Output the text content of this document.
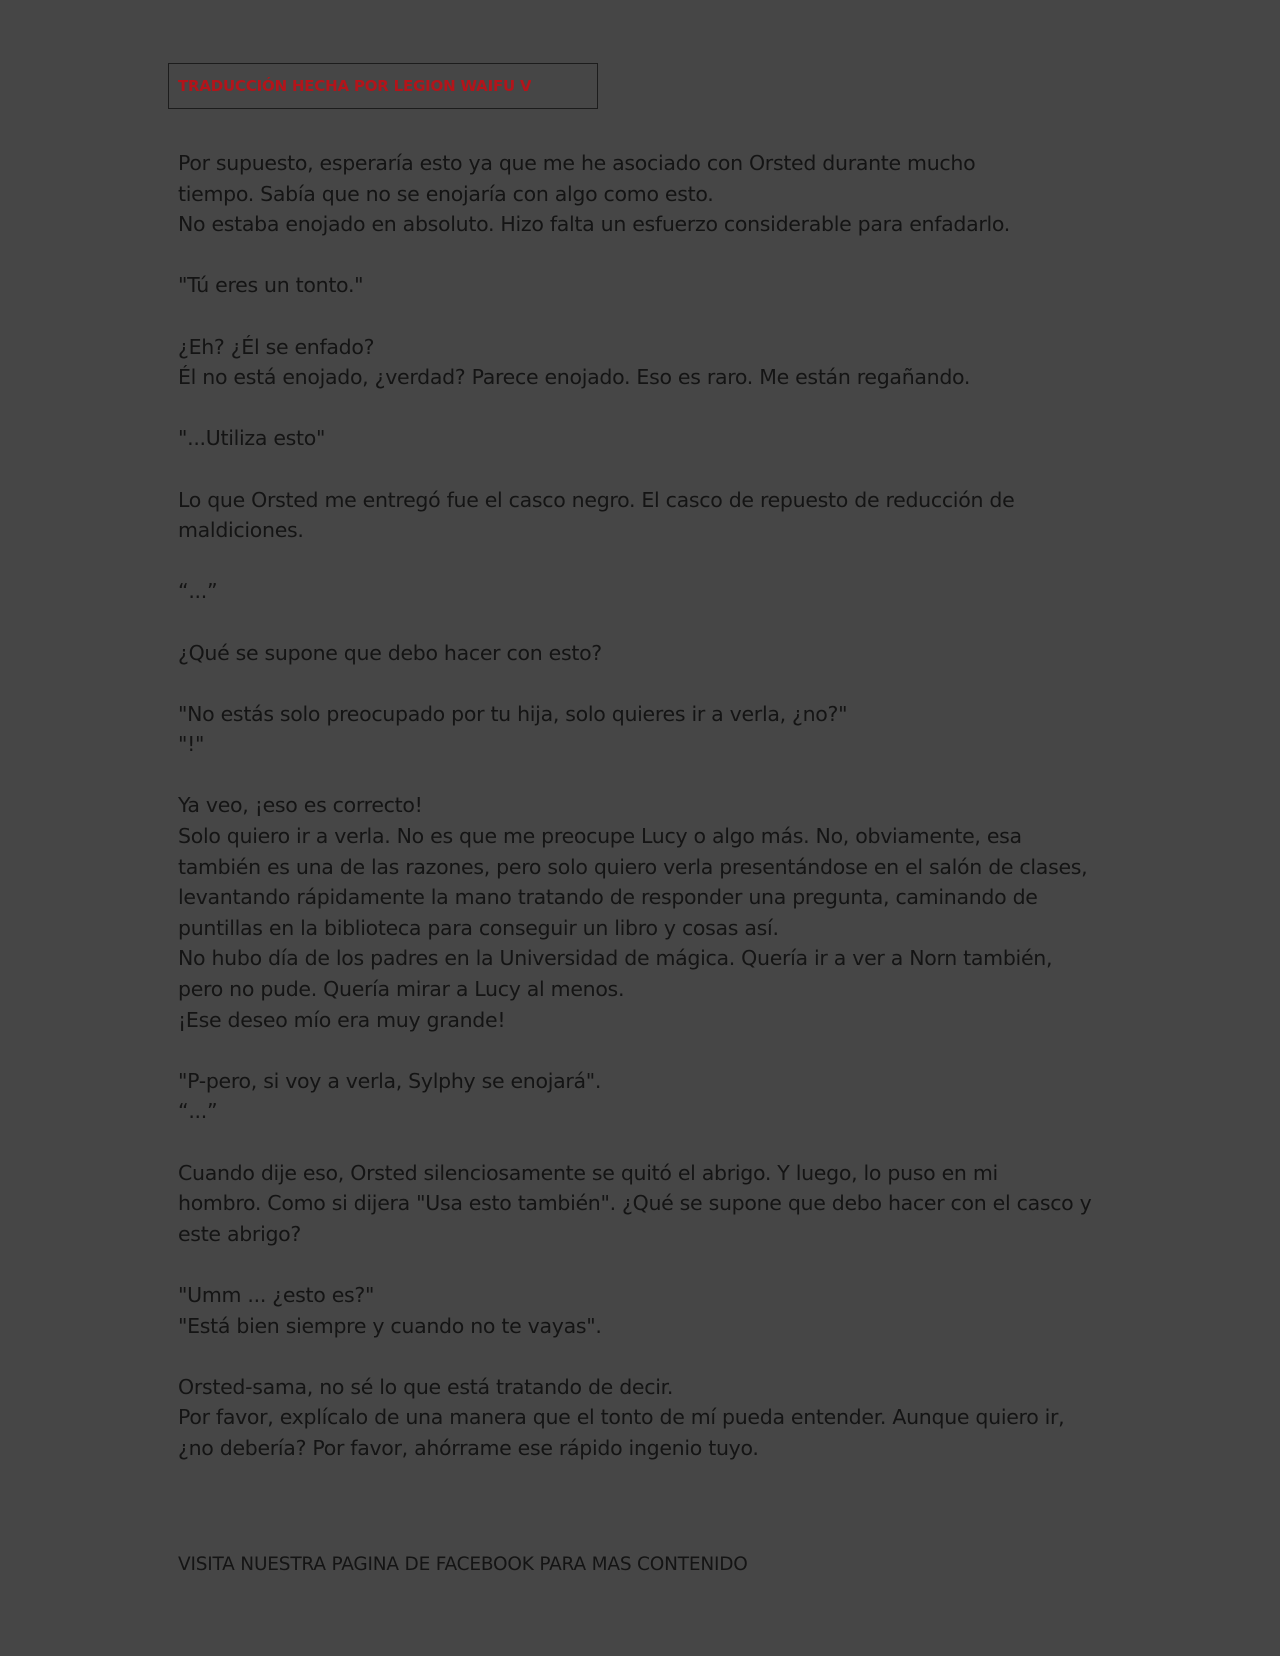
TRADUCCIÓN HECHA POR LEGION WAIFU V
Por supuesto, esperaría esto ya que me he asociado con Orsted durante mucho
tiempo. Sabía que no se enojaría con algo como esto.
No estaba enojado en absoluto. Hizo falta un esfuerzo considerable para enfadarlo.
"Tú eres un tonto."
¿Eh? ¿Él se enfado?
Él no está enojado, ¿verdad? Parece enojado. Eso es raro. Me están regañando.
"...Utiliza esto"
Lo que Orsted me entregó fue el casco negro. El casco de repuesto de reducción de
maldiciones.
“...”
¿Qué se supone que debo hacer con esto?
"No estás solo preocupado por tu hija, solo quieres ir a verla, ¿no?"
"!"
Ya veo, ¡eso es correcto!
Solo quiero ir a verla. No es que me preocupe Lucy o algo más. No, obviamente, esa
también es una de las razones, pero solo quiero verla presentándose en el salón de clases,
levantando rápidamente la mano tratando de responder una pregunta, caminando de
puntillas en la biblioteca para conseguir un libro y cosas así.
No hubo día de los padres en la Universidad de mágica. Quería ir a ver a Norn también,
pero no pude. Quería mirar a Lucy al menos.
¡Ese deseo mío era muy grande!
"P-pero, si voy a verla, Sylphy se enojará".
“...”
Cuando dije eso, Orsted silenciosamente se quitó el abrigo. Y luego, lo puso en mi
hombro. Como si dijera "Usa esto también". ¿Qué se supone que debo hacer con el casco y
este abrigo?
"Umm ... ¿esto es?"
"Está bien siempre y cuando no te vayas".
Orsted-sama, no sé lo que está tratando de decir.
Por favor, explícalo de una manera que el tonto de mí pueda entender. Aunque quiero ir,
¿no debería? Por favor, ahórrame ese rápido ingenio tuyo.
VISITA NUESTRA PAGINA DE FACEBOOK PARA MAS CONTENIDO
